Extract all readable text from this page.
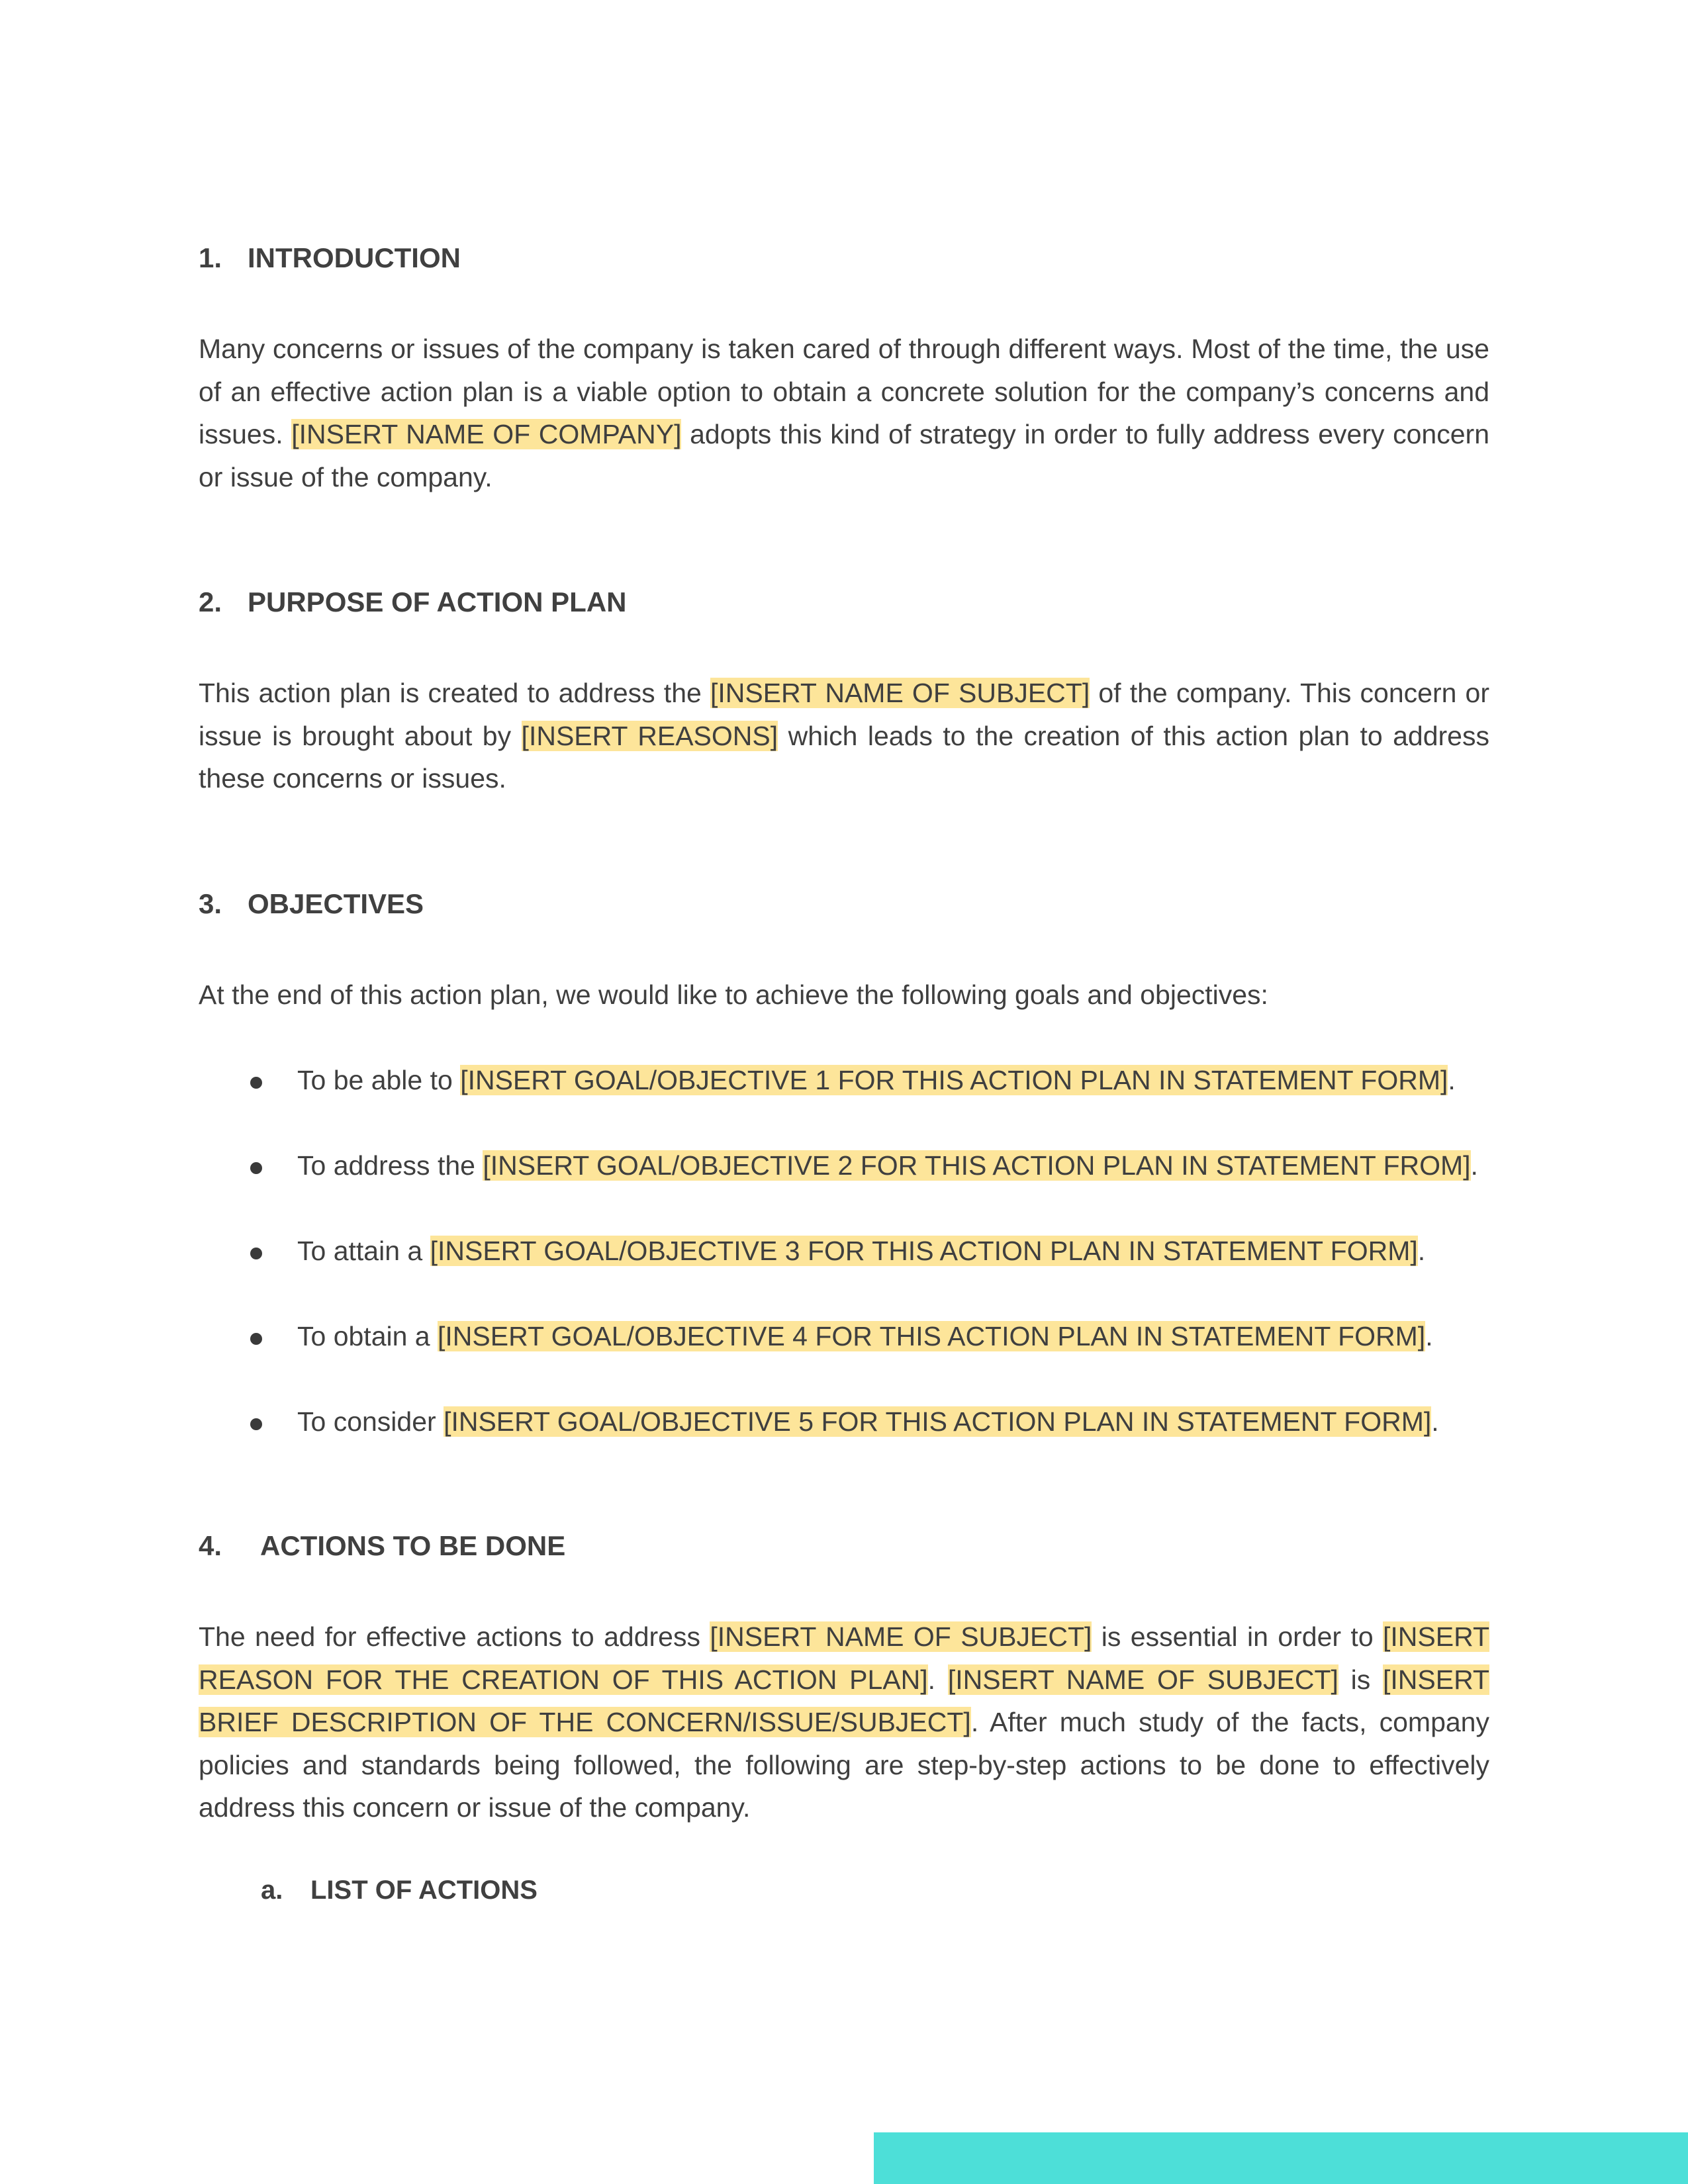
1. INTRODUCTION

Many concerns or issues of the company is taken cared of through different ways. Most of the time, the use of an effective action plan is a viable option to obtain a concrete solution for the company’s concerns and issues. [INSERT NAME OF COMPANY] adopts this kind of strategy in order to fully address every concern or issue of the company.

2. PURPOSE OF ACTION PLAN

This action plan is created to address the [INSERT NAME OF SUBJECT] of the company. This concern or issue is brought about by [INSERT REASONS] which leads to the creation of this action plan to address these concerns or issues.

3. OBJECTIVES

At the end of this action plan, we would like to achieve the following goals and objectives:

To be able to [INSERT GOAL/OBJECTIVE 1 FOR THIS ACTION PLAN IN STATEMENT FORM].
To address the [INSERT GOAL/OBJECTIVE 2 FOR THIS ACTION PLAN IN STATEMENT FROM].
To attain a [INSERT GOAL/OBJECTIVE 3 FOR THIS ACTION PLAN IN STATEMENT FORM].
To obtain a [INSERT GOAL/OBJECTIVE 4 FOR THIS ACTION PLAN IN STATEMENT FORM].
To consider [INSERT GOAL/OBJECTIVE 5 FOR THIS ACTION PLAN IN STATEMENT FORM].
4. ACTIONS TO BE DONE

The need for effective actions to address [INSERT NAME OF SUBJECT] is essential in order to [INSERT REASON FOR THE CREATION OF THIS ACTION PLAN]. [INSERT NAME OF SUBJECT] is [INSERT BRIEF DESCRIPTION OF THE CONCERN/ISSUE/SUBJECT]. After much study of the facts, company policies and standards being followed, the following are step-by-step actions to be done to effectively address this concern or issue of the company.

a. LIST OF ACTIONS
